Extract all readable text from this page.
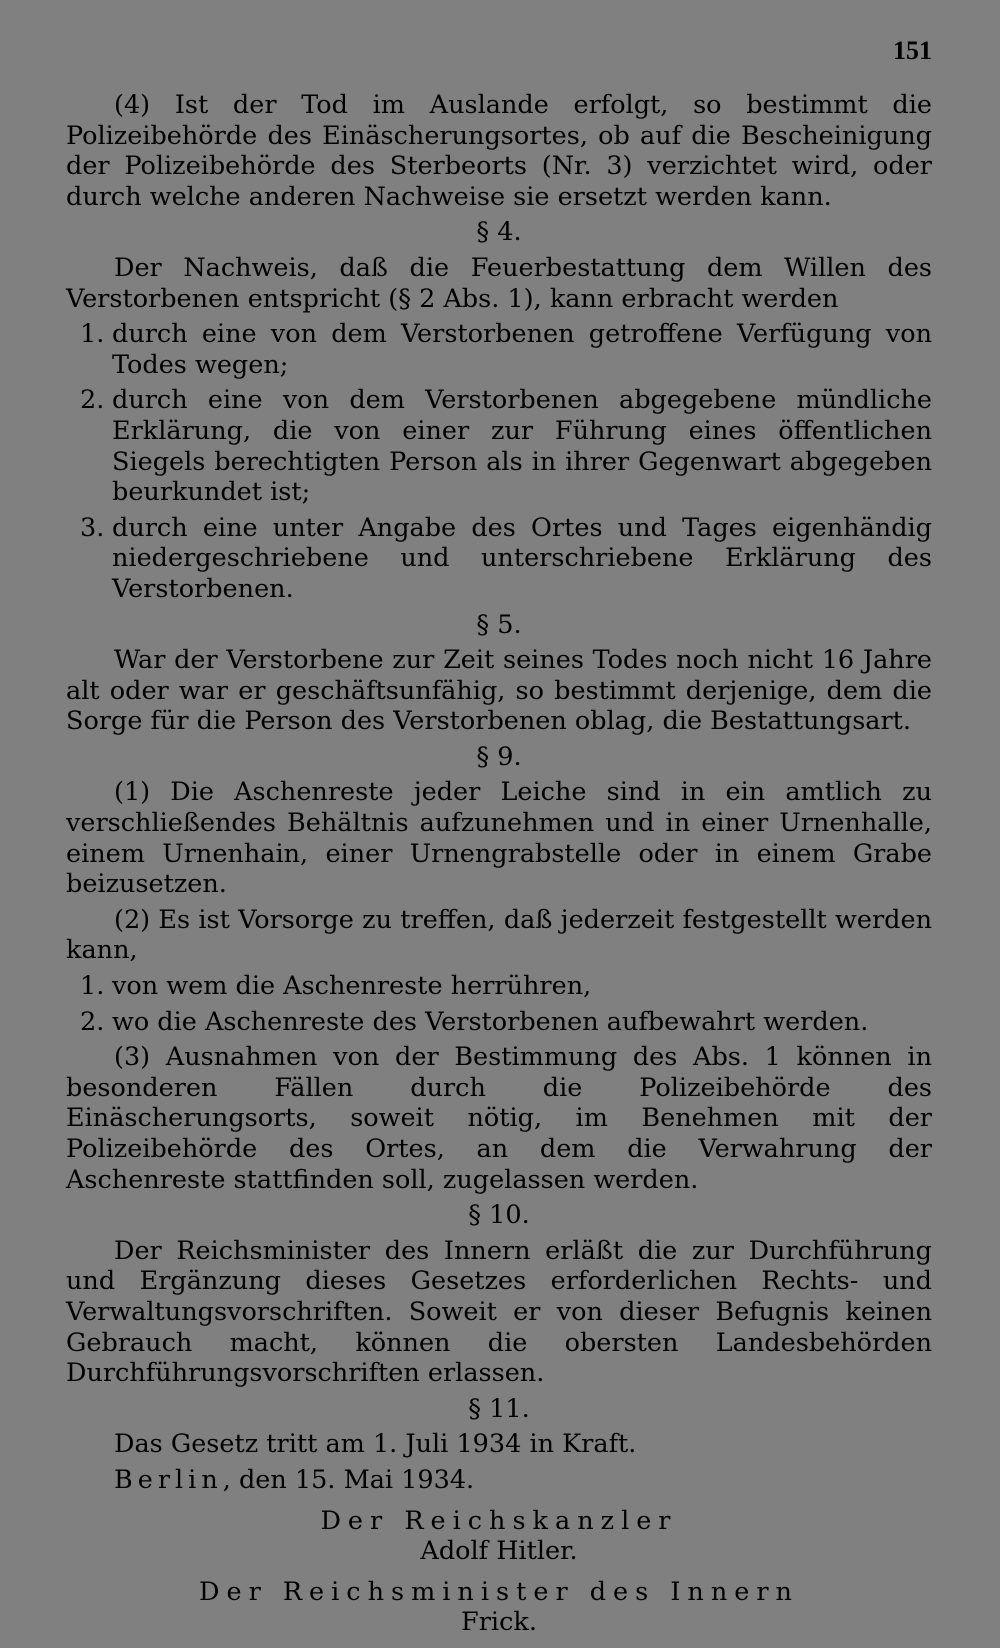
151

(4) Ist der Tod im Auslande erfolgt, so bestimmt die Polizeibehörde des Einäscherungsortes, ob auf die Bescheinigung der Polizeibehörde des Sterbeorts (Nr. 3) verzichtet wird, oder durch welche anderen Nachweise sie ersetzt werden kann.

§ 4.

Der Nachweis, daß die Feuerbestattung dem Willen des Verstorbenen entspricht (§ 2 Abs. 1), kann erbracht werden

1. durch eine von dem Verstorbenen getroffene Verfügung von Todes wegen;
2. durch eine von dem Verstorbenen abgegebene mündliche Erklärung, die von einer zur Führung eines öffentlichen Siegels berechtigten Person als in ihrer Gegenwart abgegeben beurkundet ist;
3. durch eine unter Angabe des Ortes und Tages eigenhändig niedergeschriebene und unterschriebene Erklärung des Verstorbenen.

§ 5.

War der Verstorbene zur Zeit seines Todes noch nicht 16 Jahre alt oder war er geschäftsunfähig, so bestimmt derjenige, dem die Sorge für die Person des Verstorbenen oblag, die Bestattungsart.

§ 9.

(1) Die Aschenreste jeder Leiche sind in ein amtlich zu verschließendes Behältnis aufzunehmen und in einer Urnenhalle, einem Urnenhain, einer Urnengrabstelle oder in einem Grabe beizusetzen.

(2) Es ist Vorsorge zu treffen, daß jederzeit festgestellt werden kann,

1. von wem die Aschenreste herrühren,
2. wo die Aschenreste des Verstorbenen aufbewahrt werden.

(3) Ausnahmen von der Bestimmung des Abs. 1 können in besonderen Fällen durch die Polizeibehörde des Einäscherungsorts, soweit nötig, im Benehmen mit der Polizeibehörde des Ortes, an dem die Verwahrung der Aschenreste stattfinden soll, zugelassen werden.

§ 10.

Der Reichsminister des Innern erläßt die zur Durchführung und Ergänzung dieses Gesetzes erforderlichen Rechts- und Verwaltungsvorschriften. Soweit er von dieser Befugnis keinen Gebrauch macht, können die obersten Landesbehörden Durchführungsvorschriften erlassen.

§ 11.

Das Gesetz tritt am 1. Juli 1934 in Kraft.

Berlin, den 15. Mai 1934.

Der Reichskanzler
Adolf Hitler.
Der Reichsminister des Innern
Frick.
